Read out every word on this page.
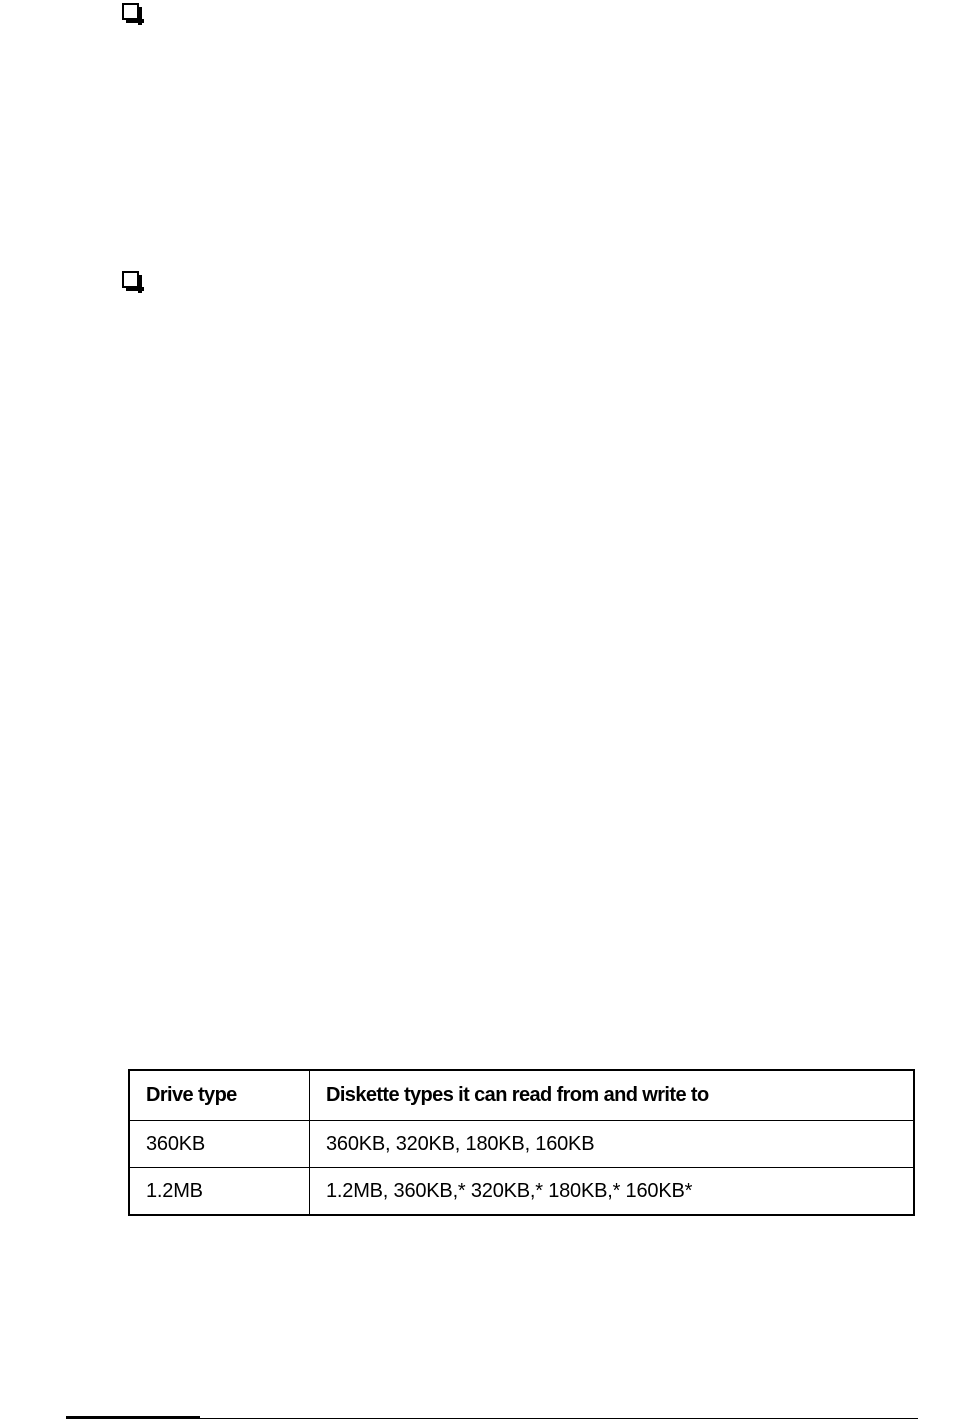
Drive type	Diskette types it can read from and write to
360KB	360KB, 320KB, 180KB, 160KB
1.2MB	1.2MB, 360KB,* 320KB,* 180KB,* 160KB*
